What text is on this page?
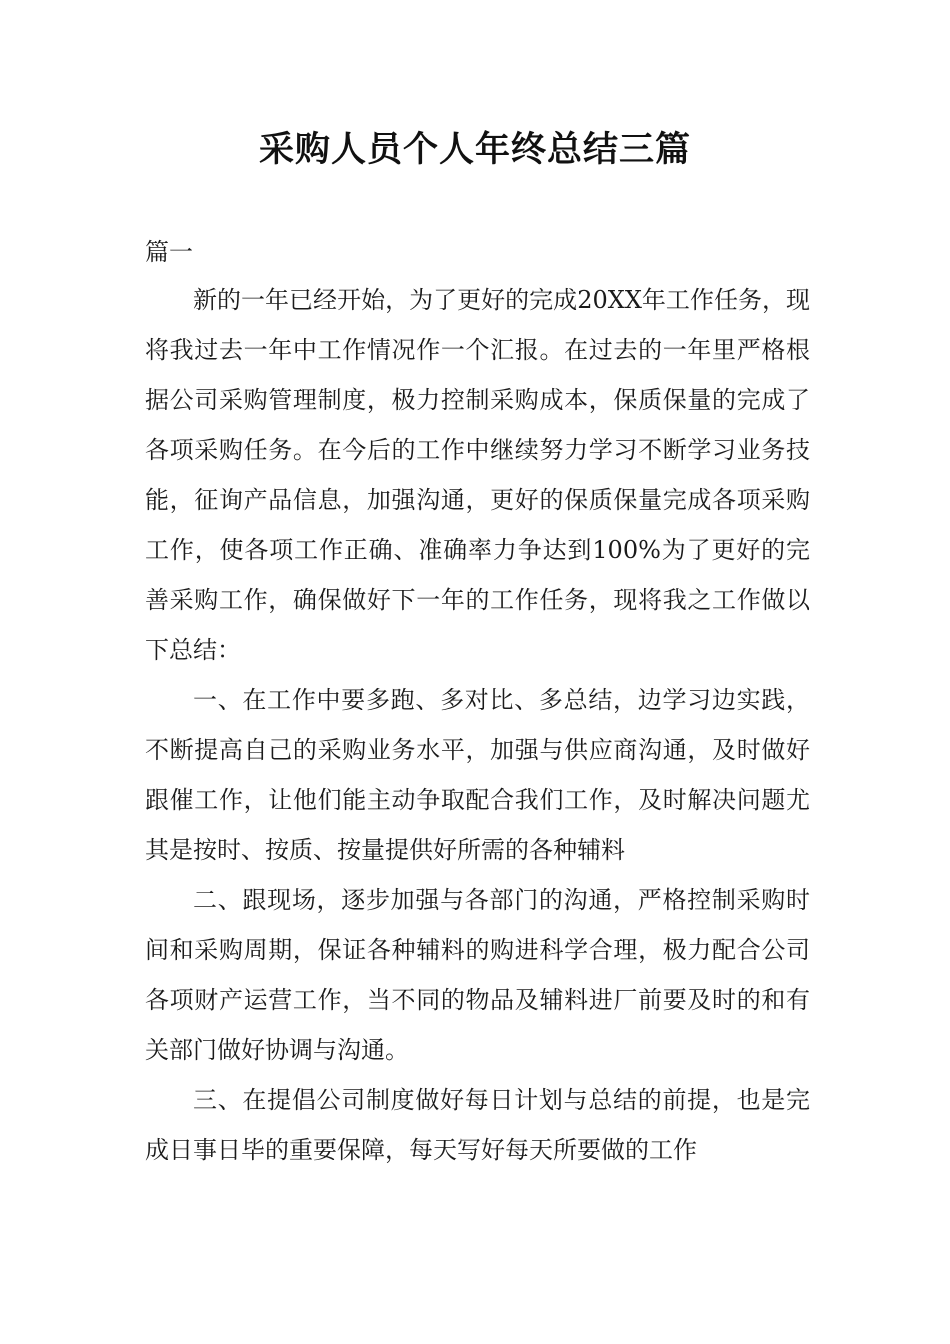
采购人员个人年终总结三篇

篇一

新的一年已经开始，为了更好的完成20XX年工作任务，现将我过去一年中工作情况作一个汇报。在过去的一年里严格根据公司采购管理制度，极力控制采购成本，保质保量的完成了各项采购任务。在今后的工作中继续努力学习不断学习业务技能，征询产品信息，加强沟通，更好的保质保量完成各项采购工作，使各项工作正确、准确率力争达到100%为了更好的完善采购工作，确保做好下一年的工作任务，现将我之工作做以下总结：

一、在工作中要多跑、多对比、多总结，边学习边实践，不断提高自己的采购业务水平，加强与供应商沟通，及时做好跟催工作，让他们能主动争取配合我们工作，及时解决问题尤其是按时、按质、按量提供好所需的各种辅料

二、跟现场，逐步加强与各部门的沟通，严格控制采购时间和采购周期，保证各种辅料的购进科学合理，极力配合公司各项财产运营工作，当不同的物品及辅料进厂前要及时的和有关部门做好协调与沟通。

三、在提倡公司制度做好每日计划与总结的前提，也是完成日事日毕的重要保障，每天写好每天所要做的工作
